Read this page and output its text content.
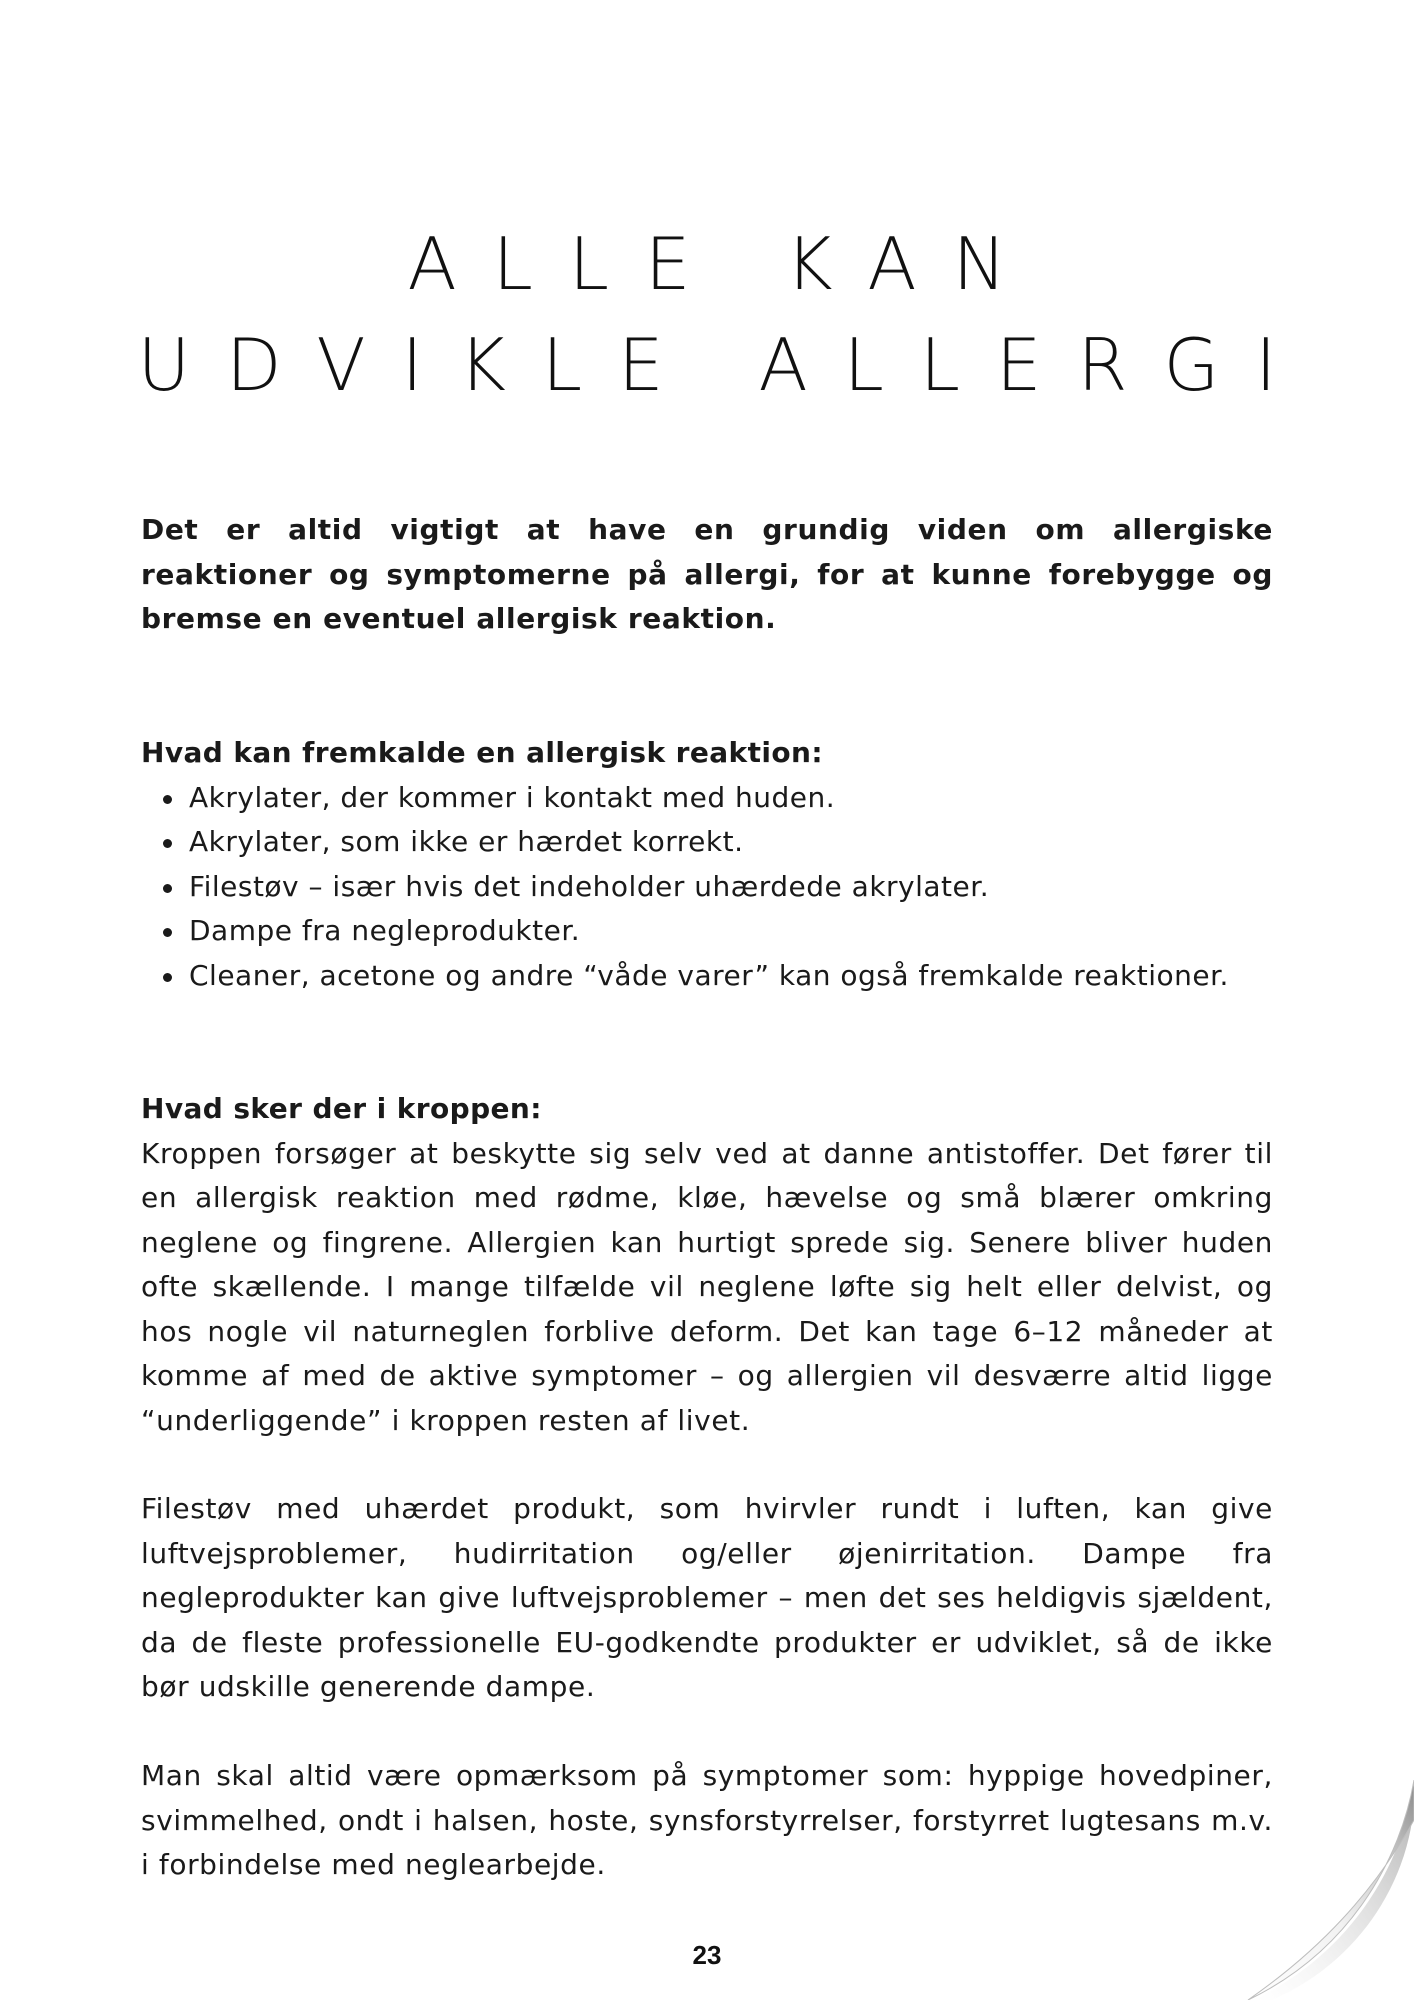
ALLE KAN
UDVIKLE ALLERGI
Det er altid vigtigt at have en grundig viden om allergiske reaktioner og symptomerne på allergi, for at kunne forebygge og bremse en eventuel allergisk reaktion.
Hvad kan fremkalde en allergisk reaktion:
Akrylater, der kommer i kontakt med huden.
Akrylater, som ikke er hærdet korrekt.
Filestøv – især hvis det indeholder uhærdede akrylater.
Dampe fra negleprodukter.
Cleaner, acetone og andre “våde varer” kan også fremkalde reaktioner.
Hvad sker der i kroppen:

Kroppen forsøger at beskytte sig selv ved at danne antistoffer. Det fører til en allergisk reaktion med rødme, kløe, hævelse og små blærer omkring neglene og fingrene. Allergien kan hurtigt sprede sig. Senere bliver huden ofte skællende. I mange tilfælde vil neglene løfte sig helt eller delvist, og hos nogle vil naturneglen forblive deform. Det kan tage 6–12 måneder at komme af med de aktive symptomer – og allergien vil desværre altid ligge “underliggende” i kroppen resten af livet.

Filestøv med uhærdet produkt, som hvirvler rundt i luften, kan give luftvejsproblemer, hudirritation og/eller øjenirritation. Dampe fra negleprodukter kan give luftvejsproblemer – men det ses heldigvis sjældent, da de fleste professionelle EU-godkendte produkter er udviklet, så de ikke bør udskille generende dampe.

Man skal altid være opmærksom på symptomer som: hyppige hovedpiner, svimmelhed, ondt i halsen, hoste, synsforstyrrelser, forstyrret lugtesans m.v. i forbindelse med neglearbejde.

23
